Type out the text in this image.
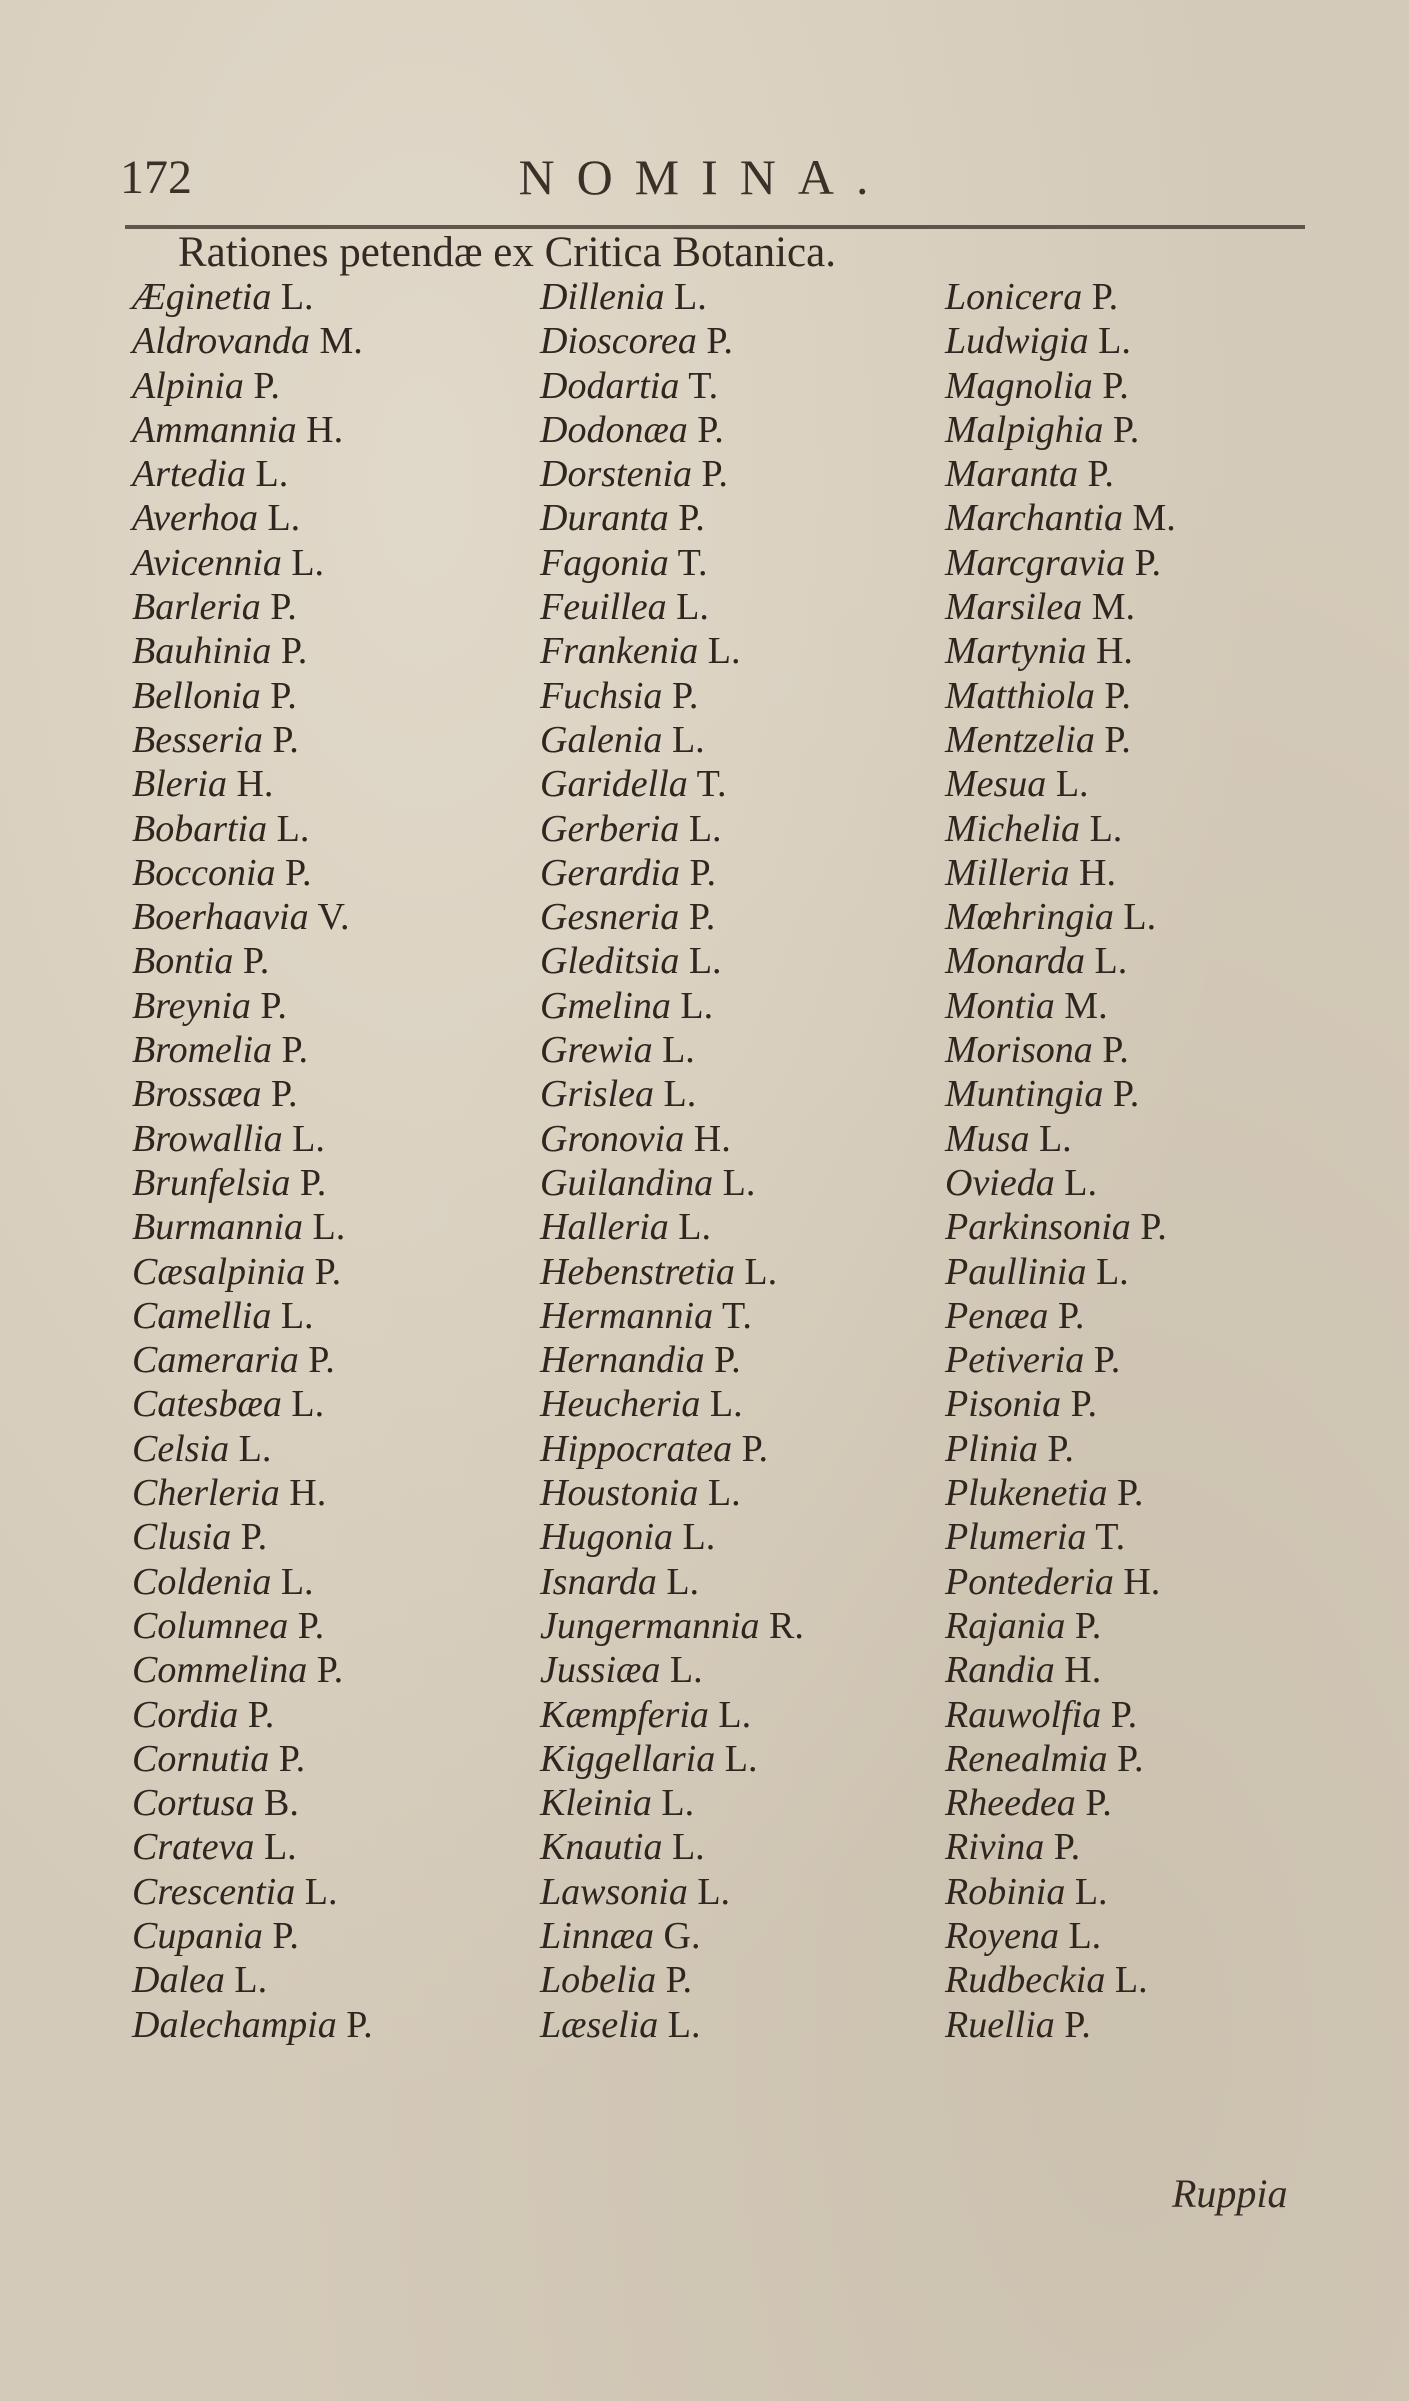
172	NOMINA.
Rationes petendæ ex Critica Botanica.
Æginetia L.
Aldrovanda M.
Alpinia P.
Ammannia H.
Artedia L.
Averhoa L.
Avicennia L.
Barleria P.
Bauhinia P.
Bellonia P.
Besseria P.
Bleria H.
Bobartia L.
Bocconia P.
Boerhaavia V.
Bontia P.
Breynia P.
Bromelia P.
Brossæa P.
Browallia L.
Brunfelsia P.
Burmannia L.
Cæsalpinia P.
Camellia L.
Cameraria P.
Catesbæa L.
Celsia L.
Cherleria H.
Clusia P.
Coldenia L.
Columnea P.
Commelina P.
Cordia P.
Cornutia P.
Cortusa B.
Crateva L.
Crescentia L.
Cupania P.
Dalea L.
Dalechampia P.
Dillenia L.
Dioscorea P.
Dodartia T.
Dodonæa P.
Dorstenia P.
Duranta P.
Fagonia T.
Feuillea L.
Frankenia L.
Fuchsia P.
Galenia L.
Garidella T.
Gerberia L.
Gerardia P.
Gesneria P.
Gleditsia L.
Gmelina L.
Grewia L.
Grislea L.
Gronovia H.
Guilandina L.
Halleria L.
Hebenstretia L.
Hermannia T.
Hernandia P.
Heucheria L.
Hippocratea P.
Houstonia L.
Hugonia L.
Isnarda L.
Jungermannia R.
Jussiæa L.
Kæmpferia L.
Kiggellaria L.
Kleinia L.
Knautia L.
Lawsonia L.
Linnæa G.
Lobelia P.
Læselia L.
Lonicera P.
Ludwigia L.
Magnolia P.
Malpighia P.
Maranta P.
Marchantia M.
Marcgravia P.
Marsilea M.
Martynia H.
Matthiola P.
Mentzelia P.
Mesua L.
Michelia L.
Milleria H.
Mœhringia L.
Monarda L.
Montia M.
Morisona P.
Muntingia P.
Musa L.
Ovieda L.
Parkinsonia P.
Paullinia L.
Penæa P.
Petiveria P.
Pisonia P.
Plinia P.
Plukenetia P.
Plumeria T.
Pontederia H.
Rajania P.
Randia H.
Rauwolfia P.
Renealmia P.
Rheedea P.
Rivina P.
Robinia L.
Royena L.
Rudbeckia L.
Ruellia P.
Ruppia
